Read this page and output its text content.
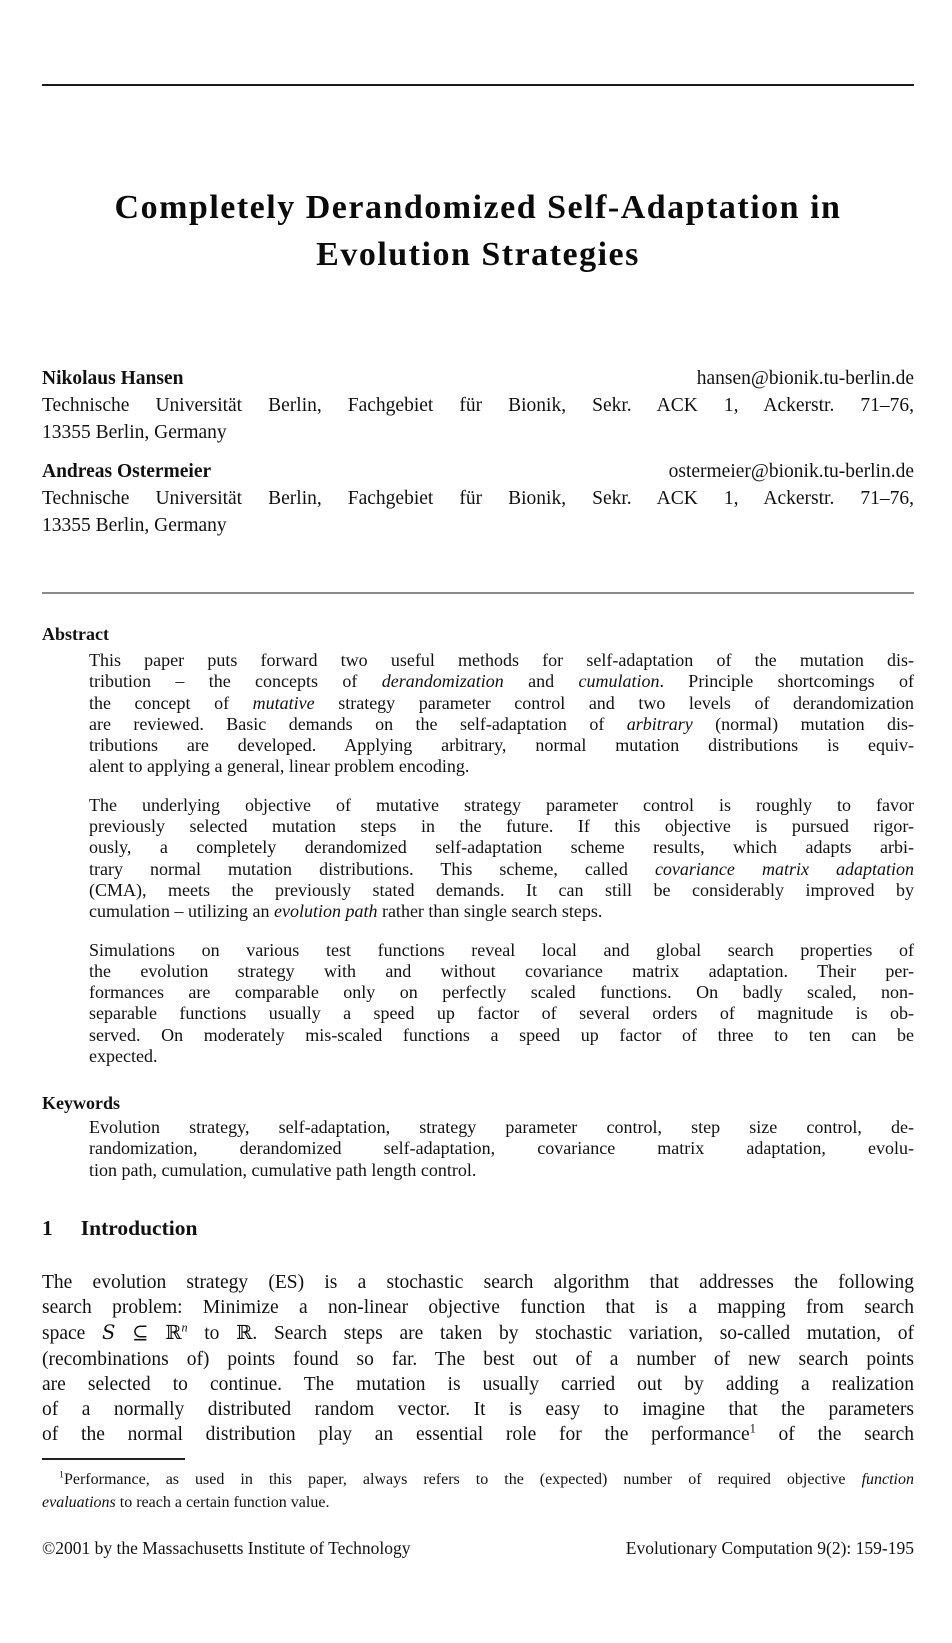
Completely Derandomized Self-Adaptation in
Evolution Strategies
Nikolaus Hansen	hansen@bionik.tu-berlin.de
Technische Universität Berlin, Fachgebiet für Bionik, Sekr. ACK 1, Ackerstr. 71–76,
13355 Berlin, Germany
Andreas Ostermeier	ostermeier@bionik.tu-berlin.de
Technische Universität Berlin, Fachgebiet für Bionik, Sekr. ACK 1, Ackerstr. 71–76,
13355 Berlin, Germany
Abstract
This paper puts forward two useful methods for self-adaptation of the mutation dis-
tribution – the concepts of derandomization and cumulation. Principle shortcomings of
the concept of mutative strategy parameter control and two levels of derandomization
are reviewed. Basic demands on the self-adaptation of arbitrary (normal) mutation dis-
tributions are developed. Applying arbitrary, normal mutation distributions is equiv-
alent to applying a general, linear problem encoding.
The underlying objective of mutative strategy parameter control is roughly to favor
previously selected mutation steps in the future. If this objective is pursued rigor-
ously, a completely derandomized self-adaptation scheme results, which adapts arbi-
trary normal mutation distributions. This scheme, called covariance matrix adaptation
(CMA), meets the previously stated demands. It can still be considerably improved by
cumulation – utilizing an evolution path rather than single search steps.
Simulations on various test functions reveal local and global search properties of
the evolution strategy with and without covariance matrix adaptation. Their per-
formances are comparable only on perfectly scaled functions. On badly scaled, non-
separable functions usually a speed up factor of several orders of magnitude is ob-
served. On moderately mis-scaled functions a speed up factor of three to ten can be
expected.
Keywords
Evolution strategy, self-adaptation, strategy parameter control, step size control, de-
randomization, derandomized self-adaptation, covariance matrix adaptation, evolu-
tion path, cumulation, cumulative path length control.
1 Introduction
The evolution strategy (ES) is a stochastic search algorithm that addresses the following
search problem: Minimize a non-linear objective function that is a mapping from search
space S ⊆ ℝ$^n$ to ℝ. Search steps are taken by stochastic variation, so-called mutation, of
(recombinations of) points found so far. The best out of a number of new search points
are selected to continue. The mutation is usually carried out by adding a realization
of a normally distributed random vector. It is easy to imagine that the parameters
of the normal distribution play an essential role for the performance$^1$ of the search
$^1$Performance, as used in this paper, always refers to the (expected) number of required objective function
evaluations to reach a certain function value.
©2001 by the Massachusetts Institute of Technology	Evolutionary Computation 9(2): 159-195
